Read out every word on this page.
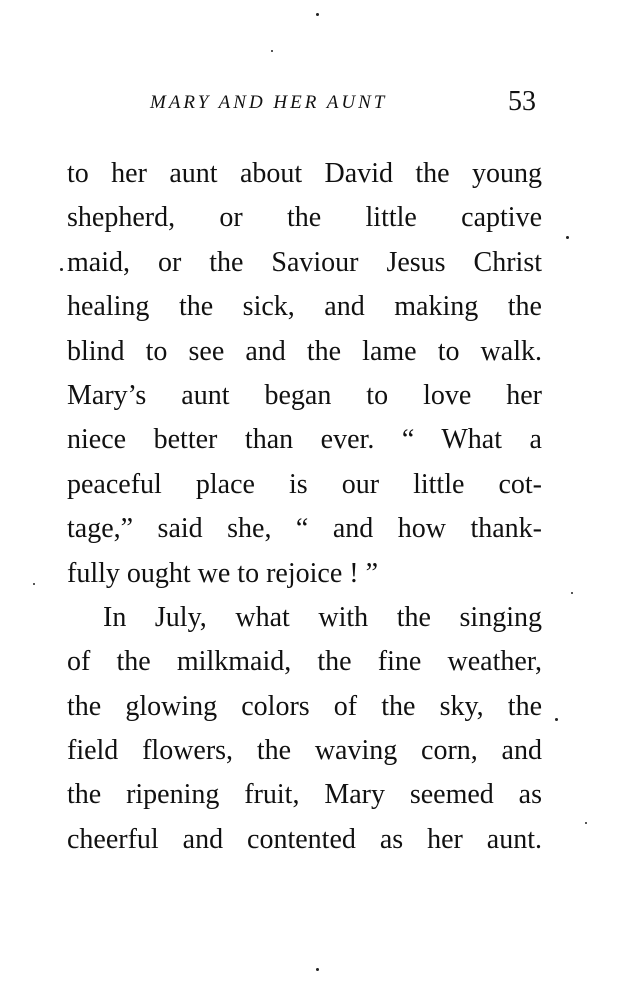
MARY AND HER AUNT	53
to her aunt about David the young
shepherd, or the little captive
maid, or the Saviour Jesus Christ
healing the sick, and making the
blind to see and the lame to walk.
Mary’s aunt began to love her
niece better than ever. “ What a
peaceful place is our little cot-
tage,” said she, “ and how thank-
fully ought we to rejoice ! ”
In July, what with the singing
of the milkmaid, the fine weather,
the glowing colors of the sky, the
field flowers, the waving corn, and
the ripening fruit, Mary seemed as
cheerful and contented as her aunt.
